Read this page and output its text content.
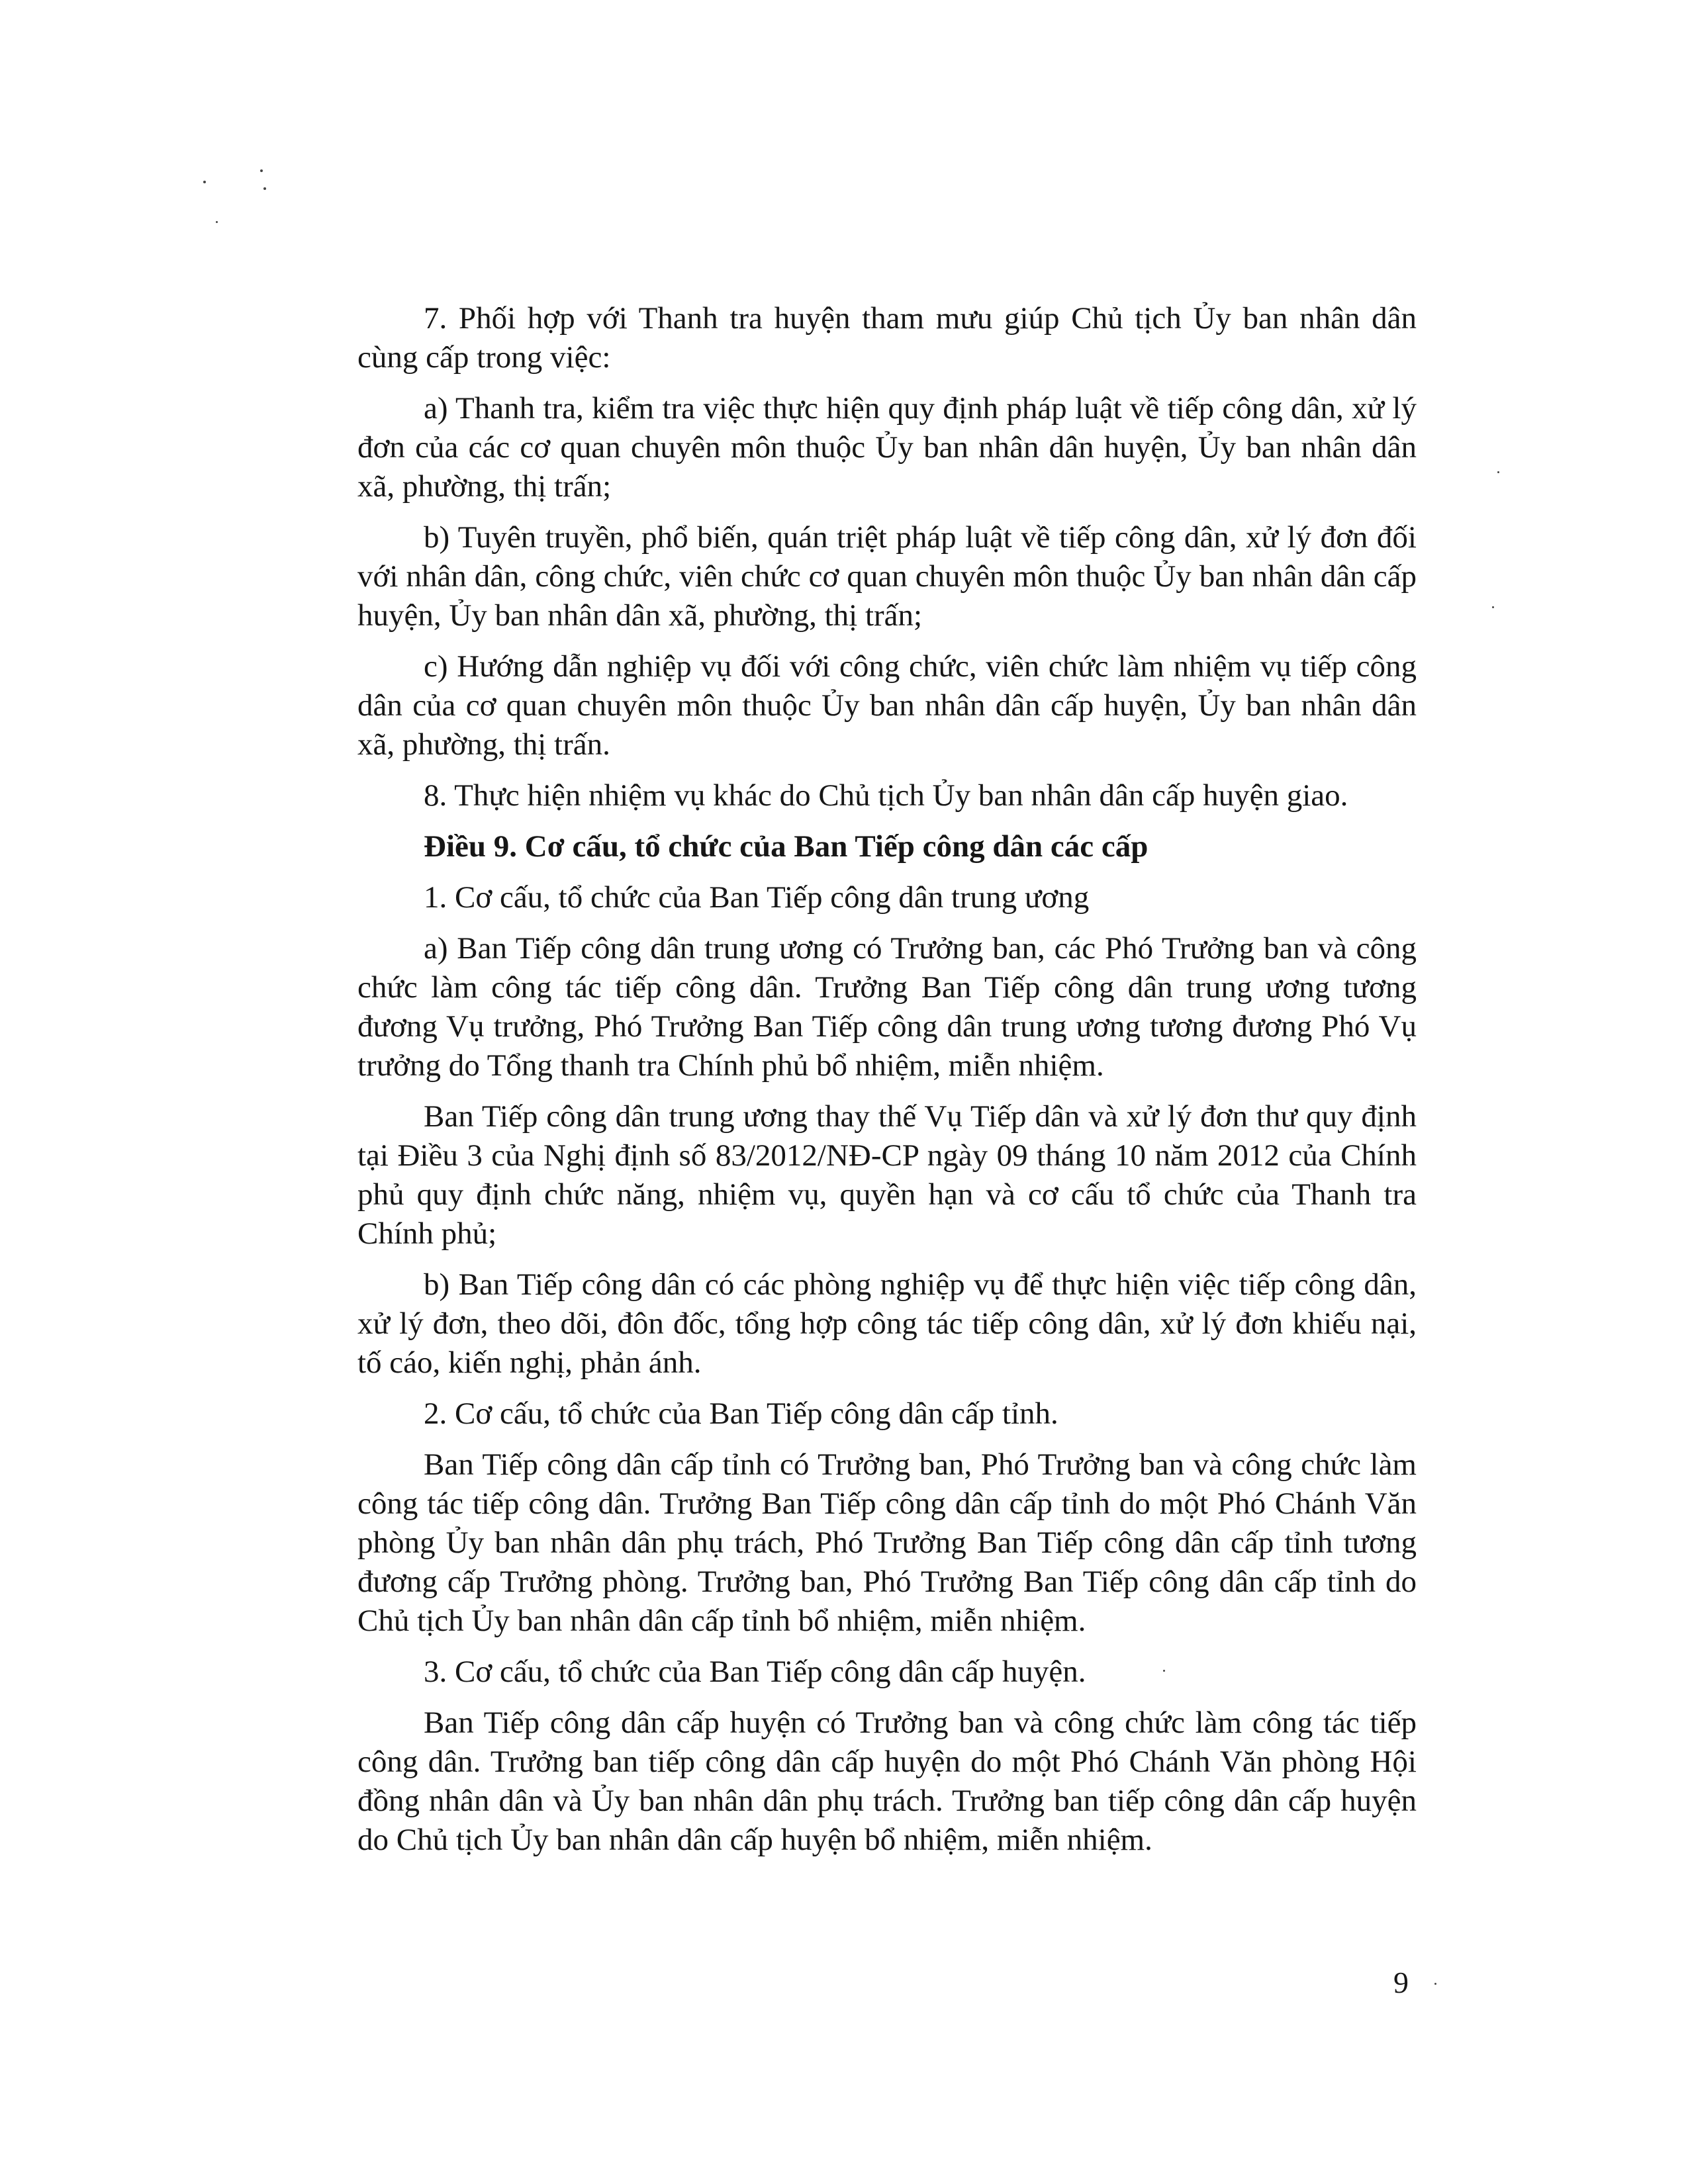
7. Phối hợp với Thanh tra huyện tham mưu giúp Chủ tịch Ủy ban nhân dân cùng cấp trong việc:

a) Thanh tra, kiểm tra việc thực hiện quy định pháp luật về tiếp công dân, xử lý đơn của các cơ quan chuyên môn thuộc Ủy ban nhân dân huyện, Ủy ban nhân dân xã, phường, thị trấn;

b) Tuyên truyền, phổ biến, quán triệt pháp luật về tiếp công dân, xử lý đơn đối với nhân dân, công chức, viên chức cơ quan chuyên môn thuộc Ủy ban nhân dân cấp huyện, Ủy ban nhân dân xã, phường, thị trấn;

c) Hướng dẫn nghiệp vụ đối với công chức, viên chức làm nhiệm vụ tiếp công dân của cơ quan chuyên môn thuộc Ủy ban nhân dân cấp huyện, Ủy ban nhân dân xã, phường, thị trấn.

8. Thực hiện nhiệm vụ khác do Chủ tịch Ủy ban nhân dân cấp huyện giao.

Điều 9. Cơ cấu, tổ chức của Ban Tiếp công dân các cấp

1. Cơ cấu, tổ chức của Ban Tiếp công dân trung ương

a) Ban Tiếp công dân trung ương có Trưởng ban, các Phó Trưởng ban và công chức làm công tác tiếp công dân. Trưởng Ban Tiếp công dân trung ương tương đương Vụ trưởng, Phó Trưởng Ban Tiếp công dân trung ương tương đương Phó Vụ trưởng do Tổng thanh tra Chính phủ bổ nhiệm, miễn nhiệm.

Ban Tiếp công dân trung ương thay thế Vụ Tiếp dân và xử lý đơn thư quy định tại Điều 3 của Nghị định số 83/2012/NĐ-CP ngày 09 tháng 10 năm 2012 của Chính phủ quy định chức năng, nhiệm vụ, quyền hạn và cơ cấu tổ chức của Thanh tra Chính phủ;

b) Ban Tiếp công dân có các phòng nghiệp vụ để thực hiện việc tiếp công dân, xử lý đơn, theo dõi, đôn đốc, tổng hợp công tác tiếp công dân, xử lý đơn khiếu nại, tố cáo, kiến nghị, phản ánh.

2. Cơ cấu, tổ chức của Ban Tiếp công dân cấp tỉnh.

Ban Tiếp công dân cấp tỉnh có Trưởng ban, Phó Trưởng ban và công chức làm công tác tiếp công dân. Trưởng Ban Tiếp công dân cấp tỉnh do một Phó Chánh Văn phòng Ủy ban nhân dân phụ trách, Phó Trưởng Ban Tiếp công dân cấp tỉnh tương đương cấp Trưởng phòng. Trưởng ban, Phó Trưởng Ban Tiếp công dân cấp tỉnh do Chủ tịch Ủy ban nhân dân cấp tỉnh bổ nhiệm, miễn nhiệm.

3. Cơ cấu, tổ chức của Ban Tiếp công dân cấp huyện.

Ban Tiếp công dân cấp huyện có Trưởng ban và công chức làm công tác tiếp công dân. Trưởng ban tiếp công dân cấp huyện do một Phó Chánh Văn phòng Hội đồng nhân dân và Ủy ban nhân dân phụ trách. Trưởng ban tiếp công dân cấp huyện do Chủ tịch Ủy ban nhân dân cấp huyện bổ nhiệm, miễn nhiệm.

9
